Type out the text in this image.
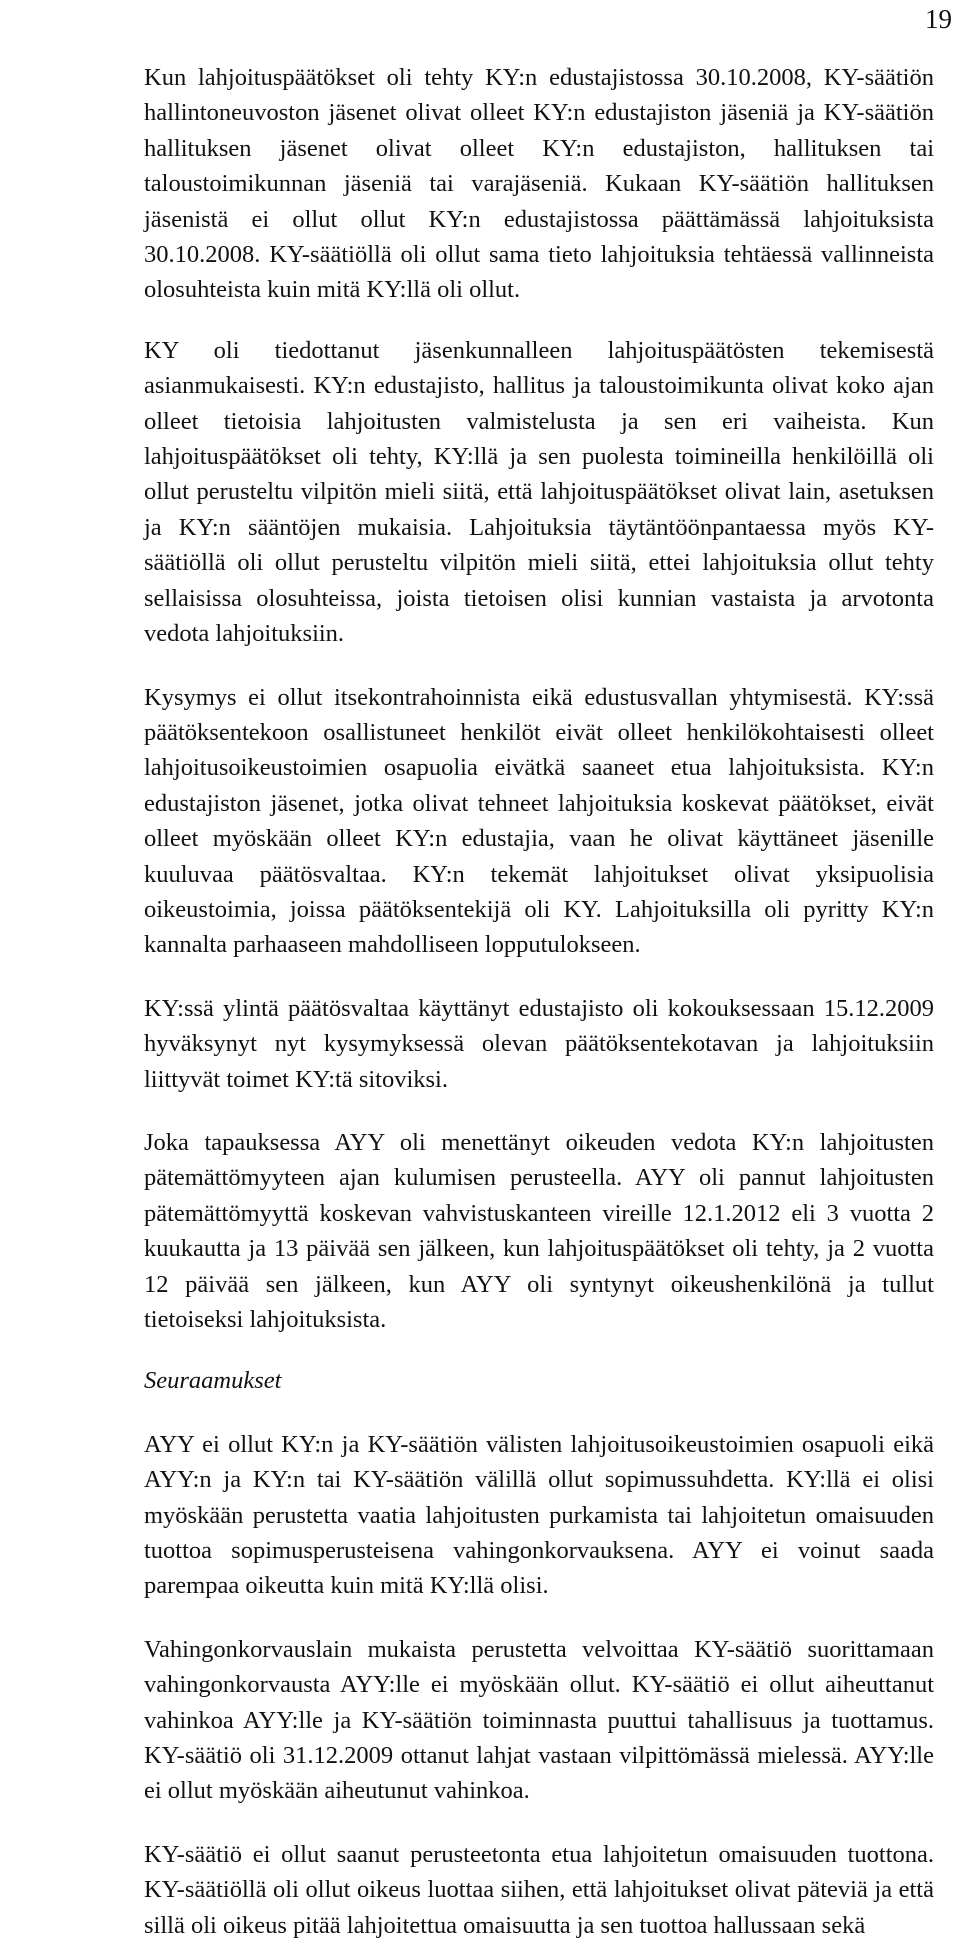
19

Kun lahjoituspäätökset oli tehty KY:n edustajistossa 30.10.2008, KY-säätiön hallintoneuvoston jäsenet olivat olleet KY:n edustajiston jäseniä ja KY-säätiön hallituksen jäsenet olivat olleet KY:n edustajiston, hallituksen tai taloustoimikunnan jäseniä tai varajäseniä. Kukaan KY-säätiön hallituksen jäsenistä ei ollut ollut KY:n edustajistossa päättämässä lahjoituksista 30.10.2008. KY-säätiöllä oli ollut sama tieto lahjoituksia tehtäessä vallinneista olosuhteista kuin mitä KY:llä oli ollut.

KY oli tiedottanut jäsenkunnalleen lahjoituspäätösten tekemisestä asianmukaisesti. KY:n edustajisto, hallitus ja taloustoimikunta olivat koko ajan olleet tietoisia lahjoitusten valmistelusta ja sen eri vaiheista. Kun lahjoituspäätökset oli tehty, KY:llä ja sen puolesta toimineilla henkilöillä oli ollut perusteltu vilpitön mieli siitä, että lahjoituspäätökset olivat lain, asetuksen ja KY:n sääntöjen mukaisia. Lahjoituksia täytäntöönpantaessa myös KY-säätiöllä oli ollut perusteltu vilpitön mieli siitä, ettei lahjoituksia ollut tehty sellaisissa olosuhteissa, joista tietoisen olisi kunnian vastaista ja arvotonta vedota lahjoituksiin.

Kysymys ei ollut itsekontrahoinnista eikä edustusvallan yhtymisestä. KY:ssä päätöksentekoon osallistuneet henkilöt eivät olleet henkilökohtaisesti olleet lahjoitusoikeustoimien osapuolia eivätkä saaneet etua lahjoituksista. KY:n edustajiston jäsenet, jotka olivat tehneet lahjoituksia koskevat päätökset, eivät olleet myöskään olleet KY:n edustajia, vaan he olivat käyttäneet jäsenille kuuluvaa päätösvaltaa. KY:n tekemät lahjoitukset olivat yksipuolisia oikeustoimia, joissa päätöksentekijä oli KY. Lahjoituksilla oli pyritty KY:n kannalta parhaaseen mahdolliseen lopputulokseen.

KY:ssä ylintä päätösvaltaa käyttänyt edustajisto oli kokouksessaan 15.12.2009 hyväksynyt nyt kysymyksessä olevan päätöksentekotavan ja lahjoituksiin liittyvät toimet KY:tä sitoviksi.

Joka tapauksessa AYY oli menettänyt oikeuden vedota KY:n lahjoitusten pätemättömyyteen ajan kulumisen perusteella. AYY oli pannut lahjoitusten pätemättömyyttä koskevan vahvistuskanteen vireille 12.1.2012 eli 3 vuotta 2 kuukautta ja 13 päivää sen jälkeen, kun lahjoituspäätökset oli tehty, ja 2 vuotta 12 päivää sen jälkeen, kun AYY oli syntynyt oikeushenkilönä ja tullut tietoiseksi lahjoituksista.

Seuraamukset

AYY ei ollut KY:n ja KY-säätiön välisten lahjoitusoikeustoimien osapuoli eikä AYY:n ja KY:n tai KY-säätiön välillä ollut sopimussuhdetta. KY:llä ei olisi myöskään perustetta vaatia lahjoitusten purkamista tai lahjoitetun omaisuuden tuottoa sopimusperusteisena vahingonkorvauksena. AYY ei voinut saada parempaa oikeutta kuin mitä KY:llä olisi.

Vahingonkorvauslain mukaista perustetta velvoittaa KY-säätiö suorittamaan vahingonkorvausta AYY:lle ei myöskään ollut. KY-säätiö ei ollut aiheuttanut vahinkoa AYY:lle ja KY-säätiön toiminnasta puuttui tahallisuus ja tuottamus. KY-säätiö oli 31.12.2009 ottanut lahjat vastaan vilpittömässä mielessä. AYY:lle ei ollut myöskään aiheutunut vahinkoa.

KY-säätiö ei ollut saanut perusteetonta etua lahjoitetun omaisuuden tuottona. KY-säätiöllä oli ollut oikeus luottaa siihen, että lahjoitukset olivat päteviä ja että sillä oli oikeus pitää lahjoitettua omaisuutta ja sen tuottoa hallussaan sekä
